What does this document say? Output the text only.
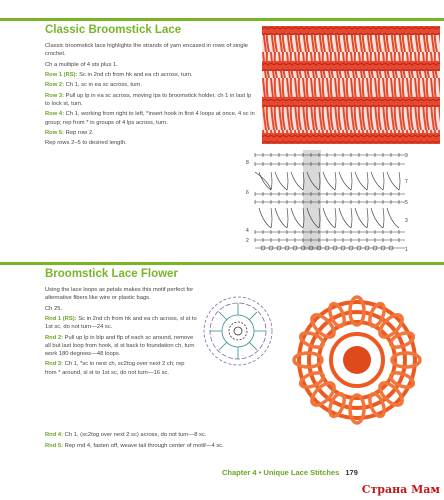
Classic Broomstick Lace
Classic broomstick lace highlights the strands of yarn encased in rows of single crochet.
Ch a multiple of 4 sts plus 1.
Row 1 (RS): Sc in 2nd ch from hk and ea ch across, turn.
Row 2: Ch 1, sc in ea sc across, turn.
Row 3: Pull up lp in ea sc across, moving lps to broomstick holder, ch 1 in last lp to lock st, turn.
Row 4: Ch 1, working from right to left, *insert hook in first 4 loops at once, 4 sc in group; rep from * in groups of 4 lps across, turn.
Row 5: Rep row 2.
Rep rows 2–5 to desired length.
8
6
4
2
9
7
5
3
1
Broomstick Lace Flower
Using the lace loops as petals makes this motif perfect for alternative fibers like wire or plastic bags.
Ch 25.
Rnd 1 (RS): Sc in 2nd ch from hk and ea ch across, sl st to 1st sc, do not turn—24 sc.
Rnd 2: Pull up lp in blp and flp of each sc around, remove all but last loop from hook, sl st back to foundation ch, turn work 180 degrees—48 loops.
Rnd 3: Ch 1, *sc in next ch, sc2tog over next 2 ch; rep from * around, sl st to 1st sc, do not turn—16 sc.
Rnd 4: Ch 1, (sc2tog over next 2 sc) across, do not turn—8 sc.
Rnd 5: Rep rnd 4, fasten off, weave tail through center of motif—4 sc.
Chapter 4 • Unique Lace Stitches 179
Страна Мам
